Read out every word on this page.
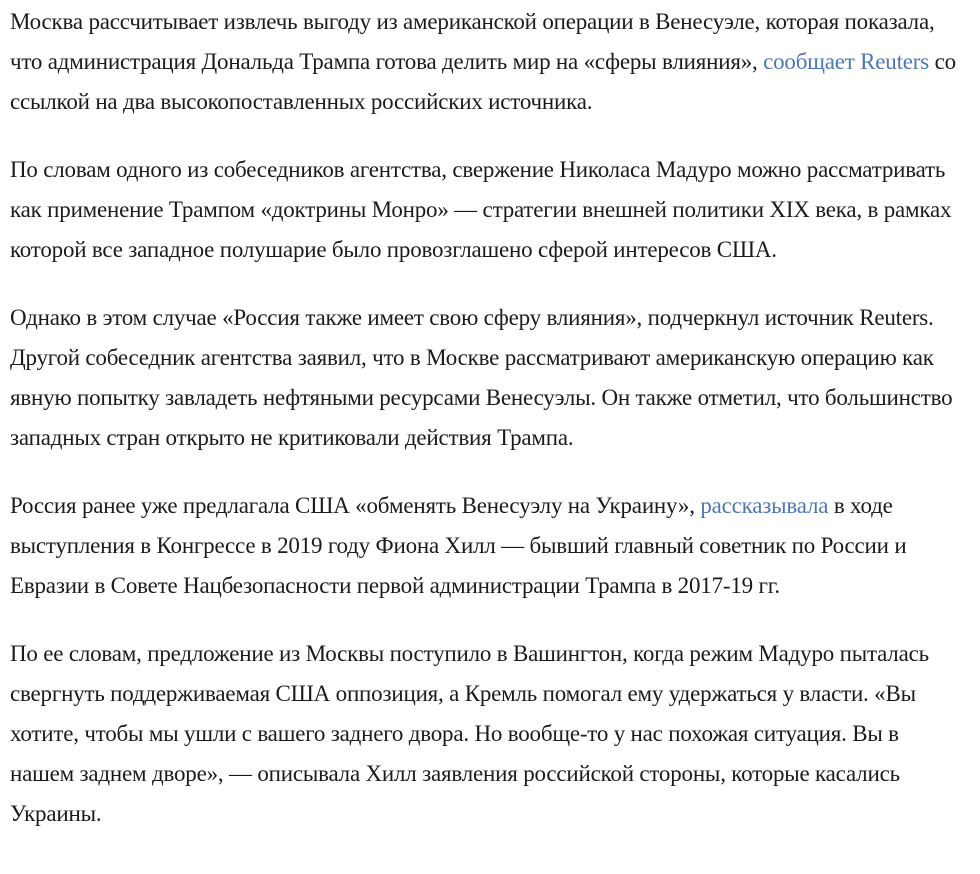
Москва рассчитывает извлечь выгоду из американской операции в Венесуэле, которая показала, что администрация Дональда Трампа готова делить мир на «сферы влияния», сообщает Reuters со ссылкой на два высокопоставленных российских источника.

По словам одного из собеседников агентства, свержение Николаса Мадуро можно рассматривать как применение Трампом «доктрины Монро» — стратегии внешней политики XIX века, в рамках которой все западное полушарие было провозглашено сферой интересов США.

Однако в этом случае «Россия также имеет свою сферу влияния», подчеркнул источник Reuters. Другой собеседник агентства заявил, что в Москве рассматривают американскую операцию как явную попытку завладеть нефтяными ресурсами Венесуэлы. Он также отметил, что большинство западных стран открыто не критиковали действия Трампа.

Россия ранее уже предлагала США «обменять Венесуэлу на Украину», рассказывала в ходе выступления в Конгрессе в 2019 году Фиона Хилл — бывший главный советник по России и Евразии в Совете Нацбезопасности первой администрации Трампа в 2017-19 гг.

По ее словам, предложение из Москвы поступило в Вашингтон, когда режим Мадуро пыталась свергнуть поддерживаемая США оппозиция, а Кремль помогал ему удержаться у власти. «Вы хотите, чтобы мы ушли с вашего заднего двора. Но вообще-то у нас похожая ситуация. Вы в нашем заднем дворе», — описывала Хилл заявления российской стороны, которые касались Украины.
